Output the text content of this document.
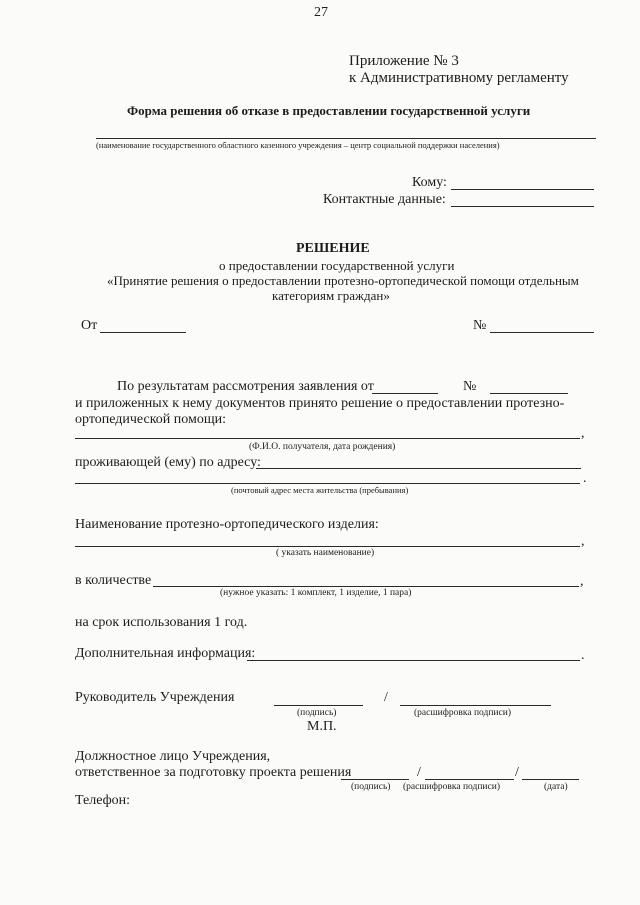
27
Приложение № 3
к Административному регламенту
Форма решения об отказе в предоставлении государственной услуги
(наименование государственного областного казенного учреждения – центр социальной поддержки населения)
Кому:
Контактные данные:
РЕШЕНИЕ
о предоставлении государственной услуги
«Принятие решения о предоставлении протезно-ортопедической помощи отдельным
категориям граждан»
От	№
По результатам рассмотрения заявления от	№
и приложенных к нему документов принято решение о предоставлении протезно-
ортопедической помощи:
,
(Ф.И.О. получателя, дата рождения)
проживающей (ему) по адресу:
.
(почтовый адрес места жительства (пребывания)
Наименование протезно-ортопедического изделия:
,
( указать наименование)
в количестве	,
(нужное указать: 1 комплект, 1 изделие, 1 пара)
на срок использования 1 год.
Дополнительная информация:	.
Руководитель Учреждения	/
(подпись)	(расшифровка подписи)
М.П.
Должностное лицо Учреждения,
ответственное за подготовку проекта решения	/	/
(подпись) (расшифровка подписи)	(дата)
Телефон:
